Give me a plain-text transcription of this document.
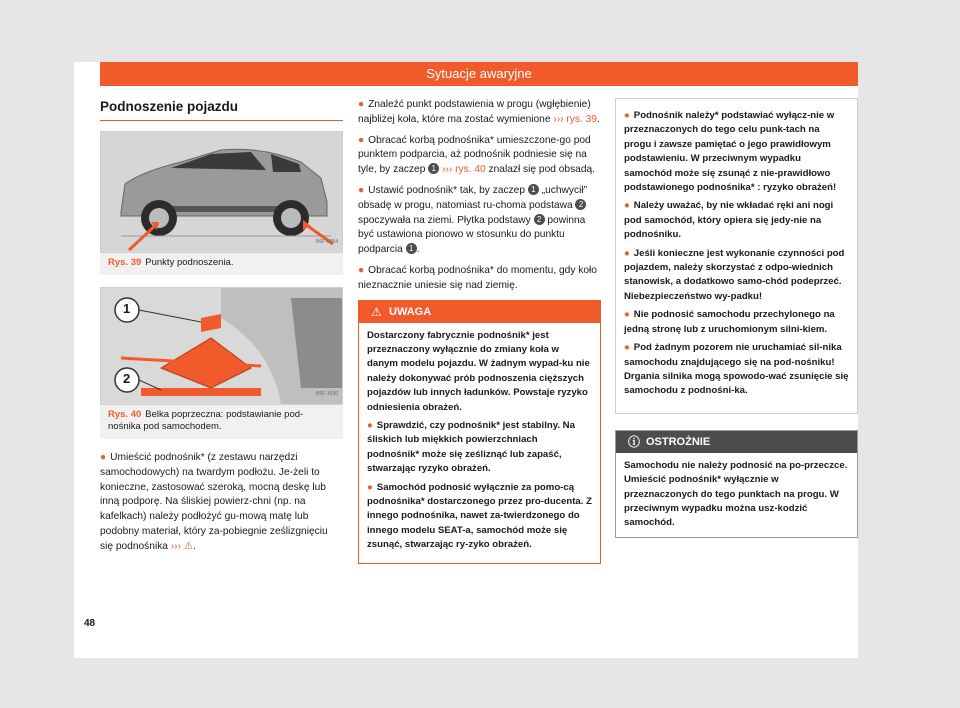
Sytuacje awaryjne
Podnoszenie pojazdu
B6F-0054
Rys. 39 Punkty podnoszenia.
1
2
B5F-1030
Rys. 40 Belka poprzeczna: podstawianie pod-nośnika pod samochodem.

● Umieścić podnośnik* (z zestawu narzędzi samochodowych) na twardym podłożu. Je-żeli to konieczne, zastosować szeroką, mocną deskę lub inną podporę. Na śliskiej powierz-chni (np. na kafelkach) należy podłożyć gu-mową matę lub podobny materiał, który za-pobiegnie ześlizgnięciu się podnośnika ››› ⚠.

● Znaleźć punkt podstawienia w progu (wgłębienie) najbliżej koła, które ma zostać wymienione ››› rys. 39.

● Obracać korbą podnośnika* umieszczone-go pod punktem podparcia, aż podnośnik podniesie się na tyle, by zaczep 1 ››› rys. 40 znalazł się pod obsadą.

● Ustawić podnośnik* tak, by zaczep 1 „uchwycił” obsadę w progu, natomiast ru-choma podstawa 2 spoczywała na ziemi. Płytka podstawy 2 powinna być ustawiona pionowo w stosunku do punktu podparcia 1 .

● Obracać korbą podnośnika* do momentu, gdy koło nieznacznie uniesie się nad ziemię.

⚠ UWAGA

Dostarczony fabrycznie podnośnik* jest przeznaczony wyłącznie do zmiany koła w danym modelu pojazdu. W żadnym wypad-ku nie należy dokonywać prób podnoszenia cięższych pojazdów lub innych ładunków. Powstaje ryzyko odniesienia obrażeń.

● Sprawdzić, czy podnośnik* jest stabilny. Na śliskich lub miękkich powierzchniach podnośnik* może się ześliznąć lub zapaść, stwarzając ryzyko obrażeń.

● Samochód podnosić wyłącznie za pomo-cą podnośnika* dostarczonego przez pro-ducenta. Z innego podnośnika, nawet za-twierdzonego do innego modelu SEAT-a, samochód może się zsunąć, stwarzając ry-zyko obrażeń.

● Podnośnik należy* podstawiać wyłącz-nie w przeznaczonych do tego celu punk-tach na progu i zawsze pamiętać o jego prawidłowym podstawieniu. W przeciwnym wypadku samochód może się zsunąć z nie-prawidłowo podstawionego podnośnika* : ryzyko obrażeń!

● Należy uważać, by nie wkładać ręki ani nogi pod samochód, który opiera się jedy-nie na podnośniku.

● Jeśli konieczne jest wykonanie czynności pod pojazdem, należy skorzystać z odpo-wiednich stanowisk, a dodatkowo samo-chód podeprzeć. Niebezpieczeństwo wy-padku!

● Nie podnosić samochodu przechylonego na jedną stronę lub z uruchomionym silni-kiem.

● Pod żadnym pozorem nie uruchamiać sil-nika samochodu znajdującego się na pod-nośniku! Drgania silnika mogą spowodo-wać zsunięcie się samochodu z podnośni-ka.

ⓘ OSTROŻNIE
Samochodu nie należy podnosić na po-przeczce. Umieścić podnośnik* wyłącznie w przeznaczonych do tego punktach na progu. W przeciwnym wypadku można usz-kodzić samochód.
48
